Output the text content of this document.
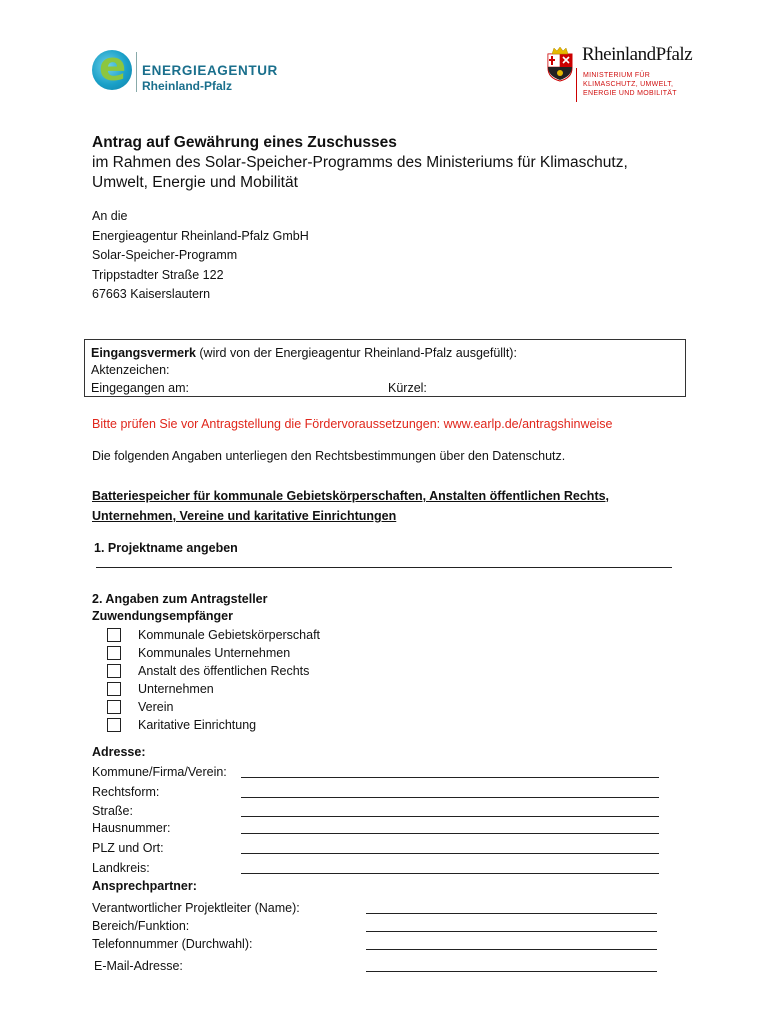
e ENERGIEAGENTUR
Rheinland-Pfalz
RheinlandPfalz
MINISTERIUM FÜR
KLIMASCHUTZ, UMWELT,
ENERGIE UND MOBILITÄT
Antrag auf Gewährung eines Zuschusses
im Rahmen des Solar-Speicher-Programms des Ministeriums für Klimaschutz,
Umwelt, Energie und Mobilität
An die
Energieagentur Rheinland-Pfalz GmbH
Solar-Speicher-Programm
Trippstadter Straße 122
67663 Kaiserslautern
Eingangsvermerk (wird von der Energieagentur Rheinland-Pfalz ausgefüllt):
Aktenzeichen:
Eingegangen am:	Kürzel:
Bitte prüfen Sie vor Antragstellung die Fördervoraussetzungen: www.earlp.de/antragshinweise
Die folgenden Angaben unterliegen den Rechtsbestimmungen über den Datenschutz.
Batteriespeicher für kommunale Gebietskörperschaften, Anstalten öffentlichen Rechts,
Unternehmen, Vereine und karitative Einrichtungen
1. Projektname angeben
2. Angaben zum Antragsteller
Zuwendungsempfänger
Kommunale Gebietskörperschaft
Kommunales Unternehmen
Anstalt des öffentlichen Rechts
Unternehmen
Verein
Karitative Einrichtung
Adresse:
Kommune/Firma/Verein:
Rechtsform:
Straße:
Hausnummer:
PLZ und Ort:
Landkreis:
Ansprechpartner:
Verantwortlicher Projektleiter (Name):
Bereich/Funktion:
Telefonnummer (Durchwahl):
E-Mail-Adresse:
